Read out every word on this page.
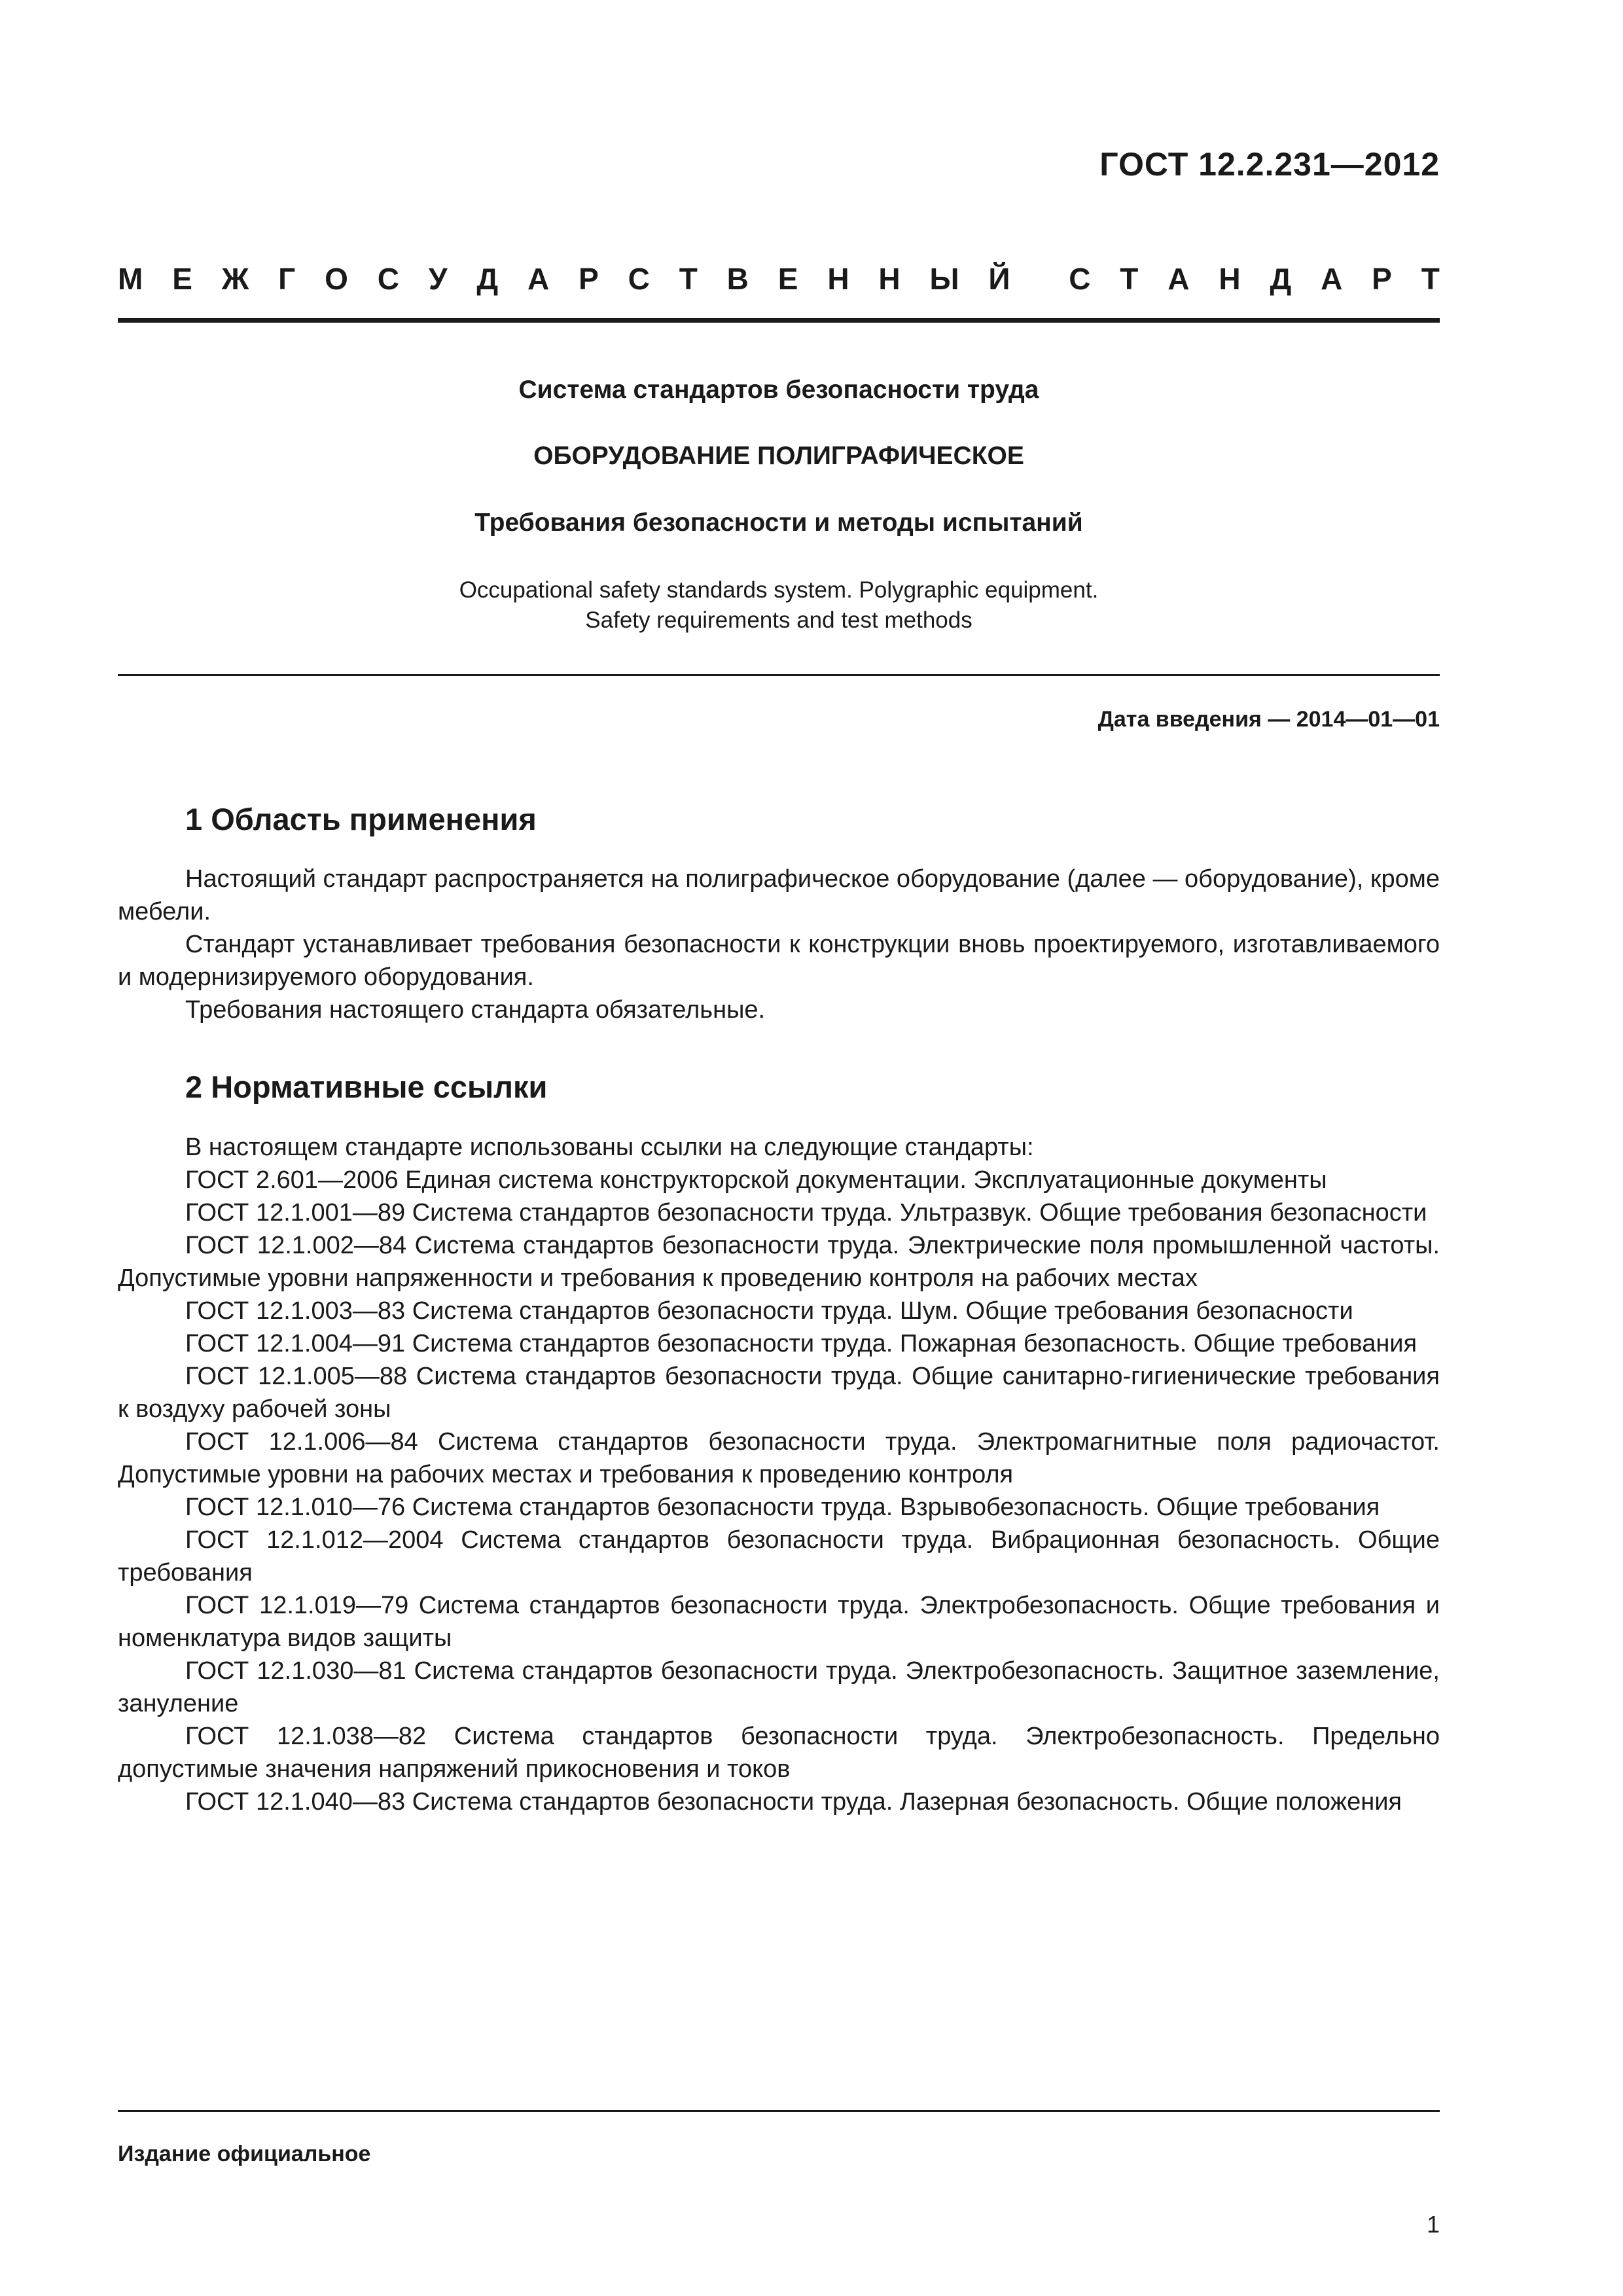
ГОСТ 12.2.231—2012
М Е Ж Г О С У Д А Р С Т В Е Н Н Ы Й С Т А Н Д А Р Т
Система стандартов безопасности труда
ОБОРУДОВАНИЕ ПОЛИГРАФИЧЕСКОЕ
Требования безопасности и методы испытаний
Occupational safety standards system. Polygraphic equipment.
Safety requirements and test methods
Дата введения — 2014—01—01
1 Область применения

Настоящий стандарт распространяется на полиграфическое оборудование (далее — оборудование), кроме мебели.

Стандарт устанавливает требования безопасности к конструкции вновь проектируемого, изготавливаемого и модернизируемого оборудования.

Требования настоящего стандарта обязательные.

2 Нормативные ссылки

В настоящем стандарте использованы ссылки на следующие стандарты:

ГОСТ 2.601—2006 Единая система конструкторской документации. Эксплуатационные документы

ГОСТ 12.1.001—89 Система стандартов безопасности труда. Ультразвук. Общие требования безопасности

ГОСТ 12.1.002—84 Система стандартов безопасности труда. Электрические поля промышленной частоты. Допустимые уровни напряженности и требования к проведению контроля на рабочих местах

ГОСТ 12.1.003—83 Система стандартов безопасности труда. Шум. Общие требования безопасности

ГОСТ 12.1.004—91 Система стандартов безопасности труда. Пожарная безопасность. Общие требования

ГОСТ 12.1.005—88 Система стандартов безопасности труда. Общие санитарно-гигиенические требования к воздуху рабочей зоны

ГОСТ 12.1.006—84 Система стандартов безопасности труда. Электромагнитные поля радиочастот. Допустимые уровни на рабочих местах и требования к проведению контроля

ГОСТ 12.1.010—76 Система стандартов безопасности труда. Взрывобезопасность. Общие требования

ГОСТ 12.1.012—2004 Система стандартов безопасности труда. Вибрационная безопасность. Общие требования

ГОСТ 12.1.019—79 Система стандартов безопасности труда. Электробезопасность. Общие требования и номенклатура видов защиты

ГОСТ 12.1.030—81 Система стандартов безопасности труда. Электробезопасность. Защитное заземление, зануление

ГОСТ 12.1.038—82 Система стандартов безопасности труда. Электробезопасность. Предельно допустимые значения напряжений прикосновения и токов

ГОСТ 12.1.040—83 Система стандартов безопасности труда. Лазерная безопасность. Общие положения

Издание официальное
1
